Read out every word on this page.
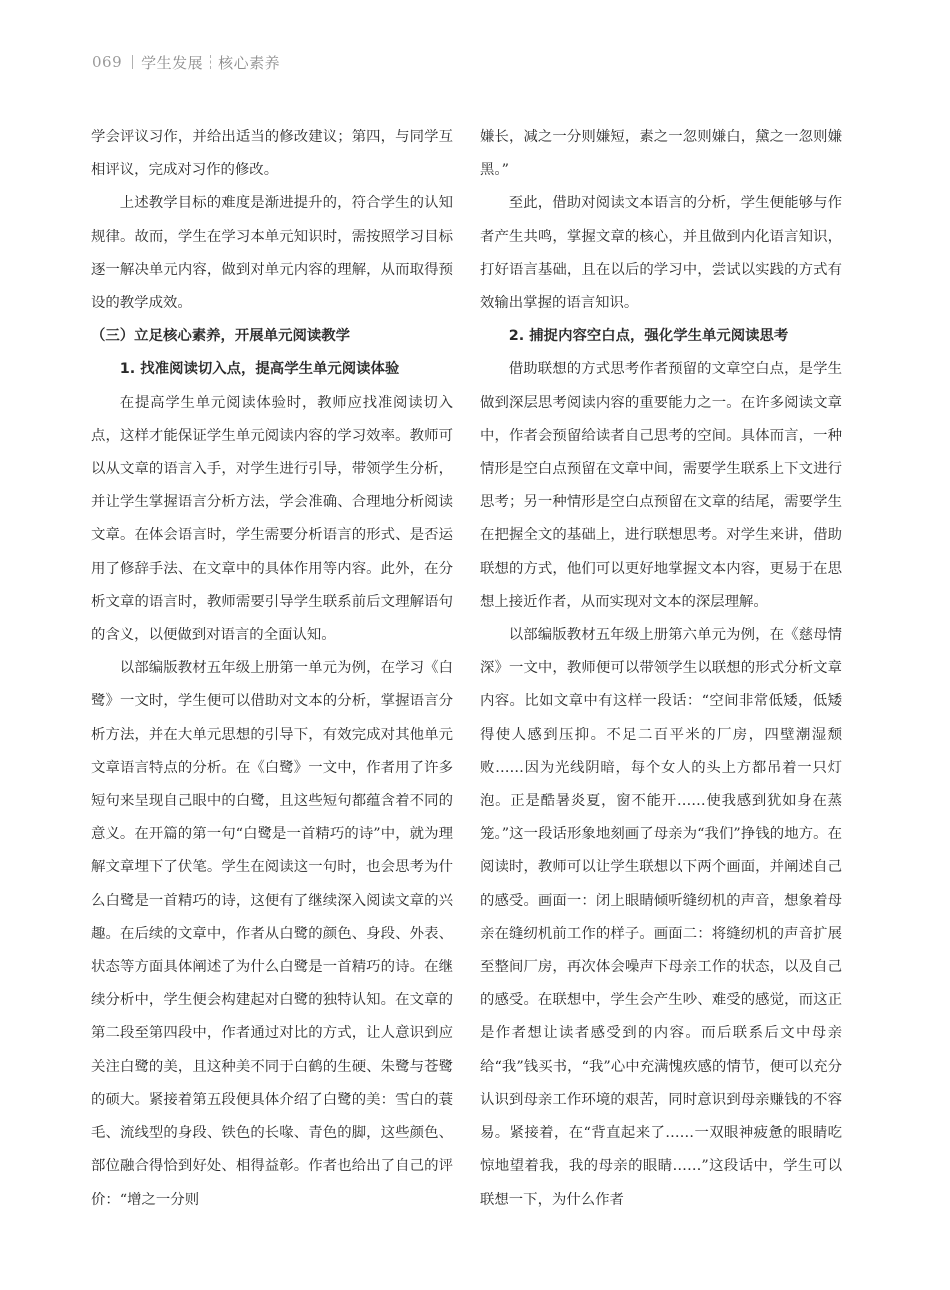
069 学生发展 核心素养

学会评议习作，并给出适当的修改建议；第四，与同学互相评议，完成对习作的修改。

上述教学目标的难度是渐进提升的，符合学生的认知规律。故而，学生在学习本单元知识时，需按照学习目标逐一解决单元内容，做到对单元内容的理解，从而取得预设的教学成效。

（三）立足核心素养，开展单元阅读教学
1. 找准阅读切入点，提高学生单元阅读体验

在提高学生单元阅读体验时，教师应找准阅读切入点，这样才能保证学生单元阅读内容的学习效率。教师可以从文章的语言入手，对学生进行引导，带领学生分析，并让学生掌握语言分析方法，学会准确、合理地分析阅读文章。在体会语言时，学生需要分析语言的形式、是否运用了修辞手法、在文章中的具体作用等内容。此外，在分析文章的语言时，教师需要引导学生联系前后文理解语句的含义，以便做到对语言的全面认知。

以部编版教材五年级上册第一单元为例，在学习《白鹭》一文时，学生便可以借助对文本的分析，掌握语言分析方法，并在大单元思想的引导下，有效完成对其他单元文章语言特点的分析。在《白鹭》一文中，作者用了许多短句来呈现自己眼中的白鹭，且这些短句都蕴含着不同的意义。在开篇的第一句“白鹭是一首精巧的诗”中，就为理解文章埋下了伏笔。学生在阅读这一句时，也会思考为什么白鹭是一首精巧的诗，这便有了继续深入阅读文章的兴趣。在后续的文章中，作者从白鹭的颜色、身段、外表、状态等方面具体阐述了为什么白鹭是一首精巧的诗。在继续分析中，学生便会构建起对白鹭的独特认知。在文章的第二段至第四段中，作者通过对比的方式，让人意识到应关注白鹭的美，且这种美不同于白鹤的生硬、朱鹭与苍鹭的硕大。紧接着第五段便具体介绍了白鹭的美：雪白的蓑毛、流线型的身段、铁色的长喙、青色的脚，这些颜色、部位融合得恰到好处、相得益彰。作者也给出了自己的评价：“增之一分则

嫌长，减之一分则嫌短，素之一忽则嫌白，黛之一忽则嫌黑。”

至此，借助对阅读文本语言的分析，学生便能够与作者产生共鸣，掌握文章的核心，并且做到内化语言知识，打好语言基础，且在以后的学习中，尝试以实践的方式有效输出掌握的语言知识。

2. 捕捉内容空白点，强化学生单元阅读思考

借助联想的方式思考作者预留的文章空白点，是学生做到深层思考阅读内容的重要能力之一。在许多阅读文章中，作者会预留给读者自己思考的空间。具体而言，一种情形是空白点预留在文章中间，需要学生联系上下文进行思考；另一种情形是空白点预留在文章的结尾，需要学生在把握全文的基础上，进行联想思考。对学生来讲，借助联想的方式，他们可以更好地掌握文本内容，更易于在思想上接近作者，从而实现对文本的深层理解。

以部编版教材五年级上册第六单元为例，在《慈母情深》一文中，教师便可以带领学生以联想的形式分析文章内容。比如文章中有这样一段话：“空间非常低矮，低矮得使人感到压抑。不足二百平米的厂房，四壁潮湿颓败……因为光线阴暗，每个女人的头上方都吊着一只灯泡。正是酷暑炎夏，窗不能开……使我感到犹如身在蒸笼。”这一段话形象地刻画了母亲为“我们”挣钱的地方。在阅读时，教师可以让学生联想以下两个画面，并阐述自己的感受。画面一：闭上眼睛倾听缝纫机的声音，想象着母亲在缝纫机前工作的样子。画面二：将缝纫机的声音扩展至整间厂房，再次体会噪声下母亲工作的状态，以及自己的感受。在联想中，学生会产生吵、难受的感觉，而这正是作者想让读者感受到的内容。而后联系后文中母亲给“我”钱买书，“我”心中充满愧疚感的情节，便可以充分认识到母亲工作环境的艰苦，同时意识到母亲赚钱的不容易。紧接着，在“背直起来了……一双眼神疲惫的眼睛吃惊地望着我，我的母亲的眼睛……”这段话中，学生可以联想一下，为什么作者
